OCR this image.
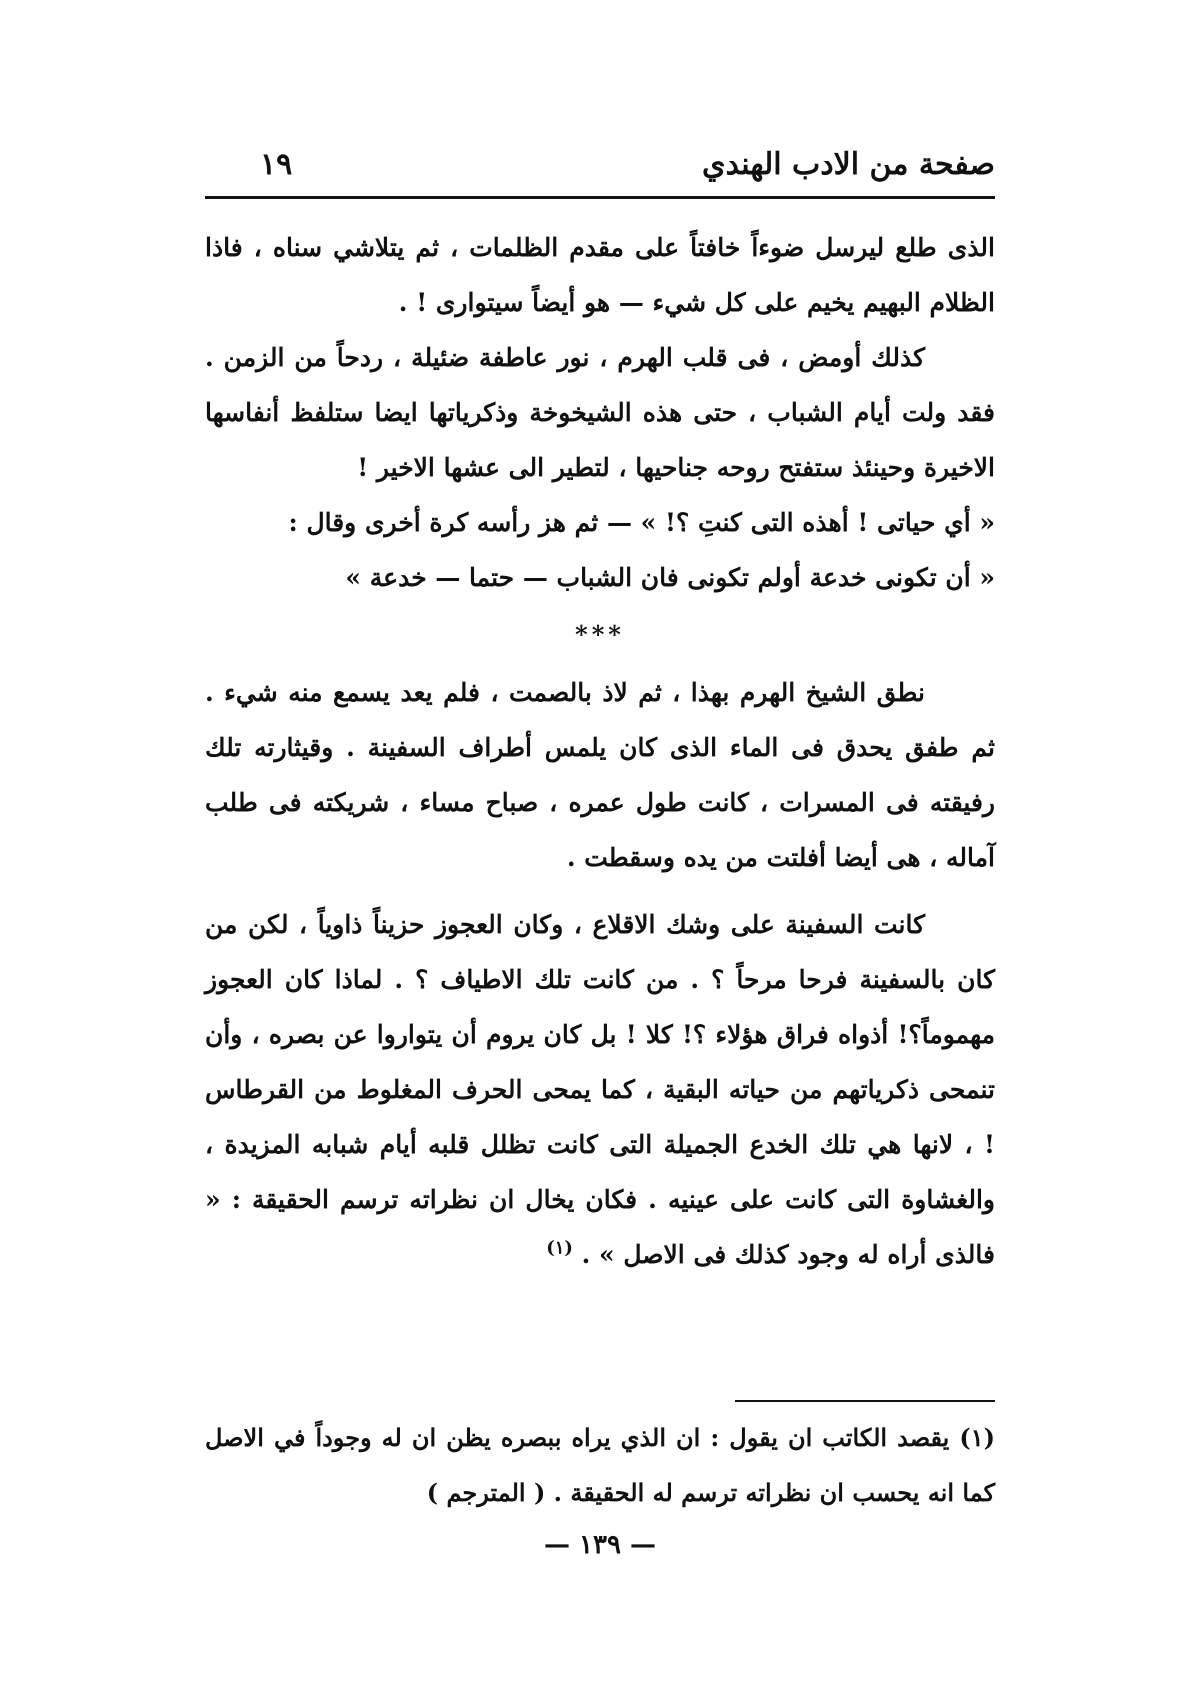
صفحة من الادب الهندي
١٩

الذى طلع ليرسل ضوءاً خافتاً على مقدم الظلمات ، ثم يتلاشي سناه ، فاذا الظلام البهيم يخيم على كل شيء — هو أيضاً سيتوارى ! .

كذلك أومض ، فى قلب الهرم ، نور عاطفة ضئيلة ، ردحاً من الزمن . فقد ولت أيام الشباب ، حتى هذه الشيخوخة وذكرياتها ايضا ستلفظ أنفاسها الاخيرة وحينئذ ستفتح روحه جناحيها ، لتطير الى عشها الاخير !

« أي حياتى ! أهذه التى كنتِ ؟! » — ثم هز رأسه كرة أخرى وقال :

« أن تكونى خدعة أولم تكونى فان الشباب — حتما — خدعة »

***

نطق الشيخ الهرم بهذا ، ثم لاذ بالصمت ، فلم يعد يسمع منه شيء . ثم طفق يحدق فى الماء الذى كان يلمس أطراف السفينة . وقيثارته تلك رفيقته فى المسرات ، كانت طول عمره ، صباح مساء ، شريكته فى طلب آماله ، هى أيضا أفلتت من يده وسقطت .

كانت السفينة على وشك الاقلاع ، وكان العجوز حزيناً ذاوياً ، لكن من كان بالسفينة فرحا مرحاً ؟ . من كانت تلك الاطياف ؟ . لماذا كان العجوز مهموماً؟! أذواه فراق هؤلاء ؟! كلا ! بل كان يروم أن يتواروا عن بصره ، وأن تنمحى ذكرياتهم من حياته البقية ، كما يمحى الحرف المغلوط من القرطاس ! ، لانها هي تلك الخدع الجميلة التى كانت تظلل قلبه أيام شبابه المزيدة ، والغشاوة التى كانت على عينيه . فكان يخال ان نظراته ترسم الحقيقة : « فالذى أراه له وجود كذلك فى الاصل » . $^{(١)}$

(١) يقصد الكاتب ان يقول : ان الذي يراه ببصره يظن ان له وجوداً في الاصل كما انه يحسب ان نظراته ترسم له الحقيقة . ( المترجم )
— ١٣٩ —
